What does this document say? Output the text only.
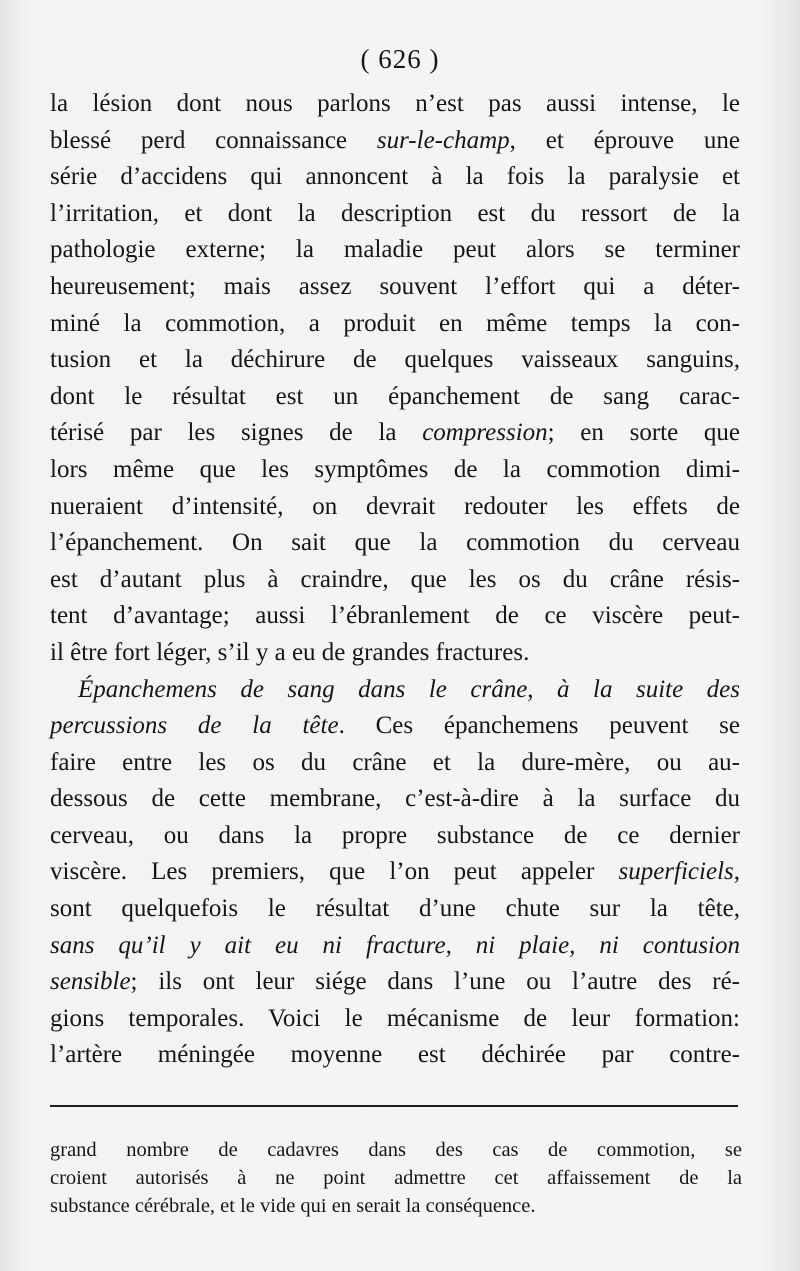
( 626 )
la lésion dont nous parlons n’est pas aussi intense, le
blessé perd connaissance sur-le-champ, et éprouve une
série d’accidens qui annoncent à la fois la paralysie et
l’irritation, et dont la description est du ressort de la
pathologie externe; la maladie peut alors se terminer
heureusement; mais assez souvent l’effort qui a déter-
miné la commotion, a produit en même temps la con-
tusion et la déchirure de quelques vaisseaux sanguins,
dont le résultat est un épanchement de sang carac-
térisé par les signes de la compression; en sorte que
lors même que les symptômes de la commotion dimi-
nueraient d’intensité, on devrait redouter les effets de
l’épanchement. On sait que la commotion du cerveau
est d’autant plus à craindre, que les os du crâne résis-
tent d’avantage; aussi l’ébranlement de ce viscère peut-
il être fort léger, s’il y a eu de grandes fractures.
Épanchemens de sang dans le crâne, à la suite des
percussions de la tête. Ces épanchemens peuvent se
faire entre les os du crâne et la dure-mère, ou au-
dessous de cette membrane, c’est-à-dire à la surface du
cerveau, ou dans la propre substance de ce dernier
viscère. Les premiers, que l’on peut appeler superficiels,
sont quelquefois le résultat d’une chute sur la tête,
sans qu’il y ait eu ni fracture, ni plaie, ni contusion
sensible; ils ont leur siége dans l’une ou l’autre des ré-
gions temporales. Voici le mécanisme de leur formation:
l’artère méningée moyenne est déchirée par contre-
grand nombre de cadavres dans des cas de commotion, se
croient autorisés à ne point admettre cet affaissement de la
substance cérébrale, et le vide qui en serait la conséquence.
